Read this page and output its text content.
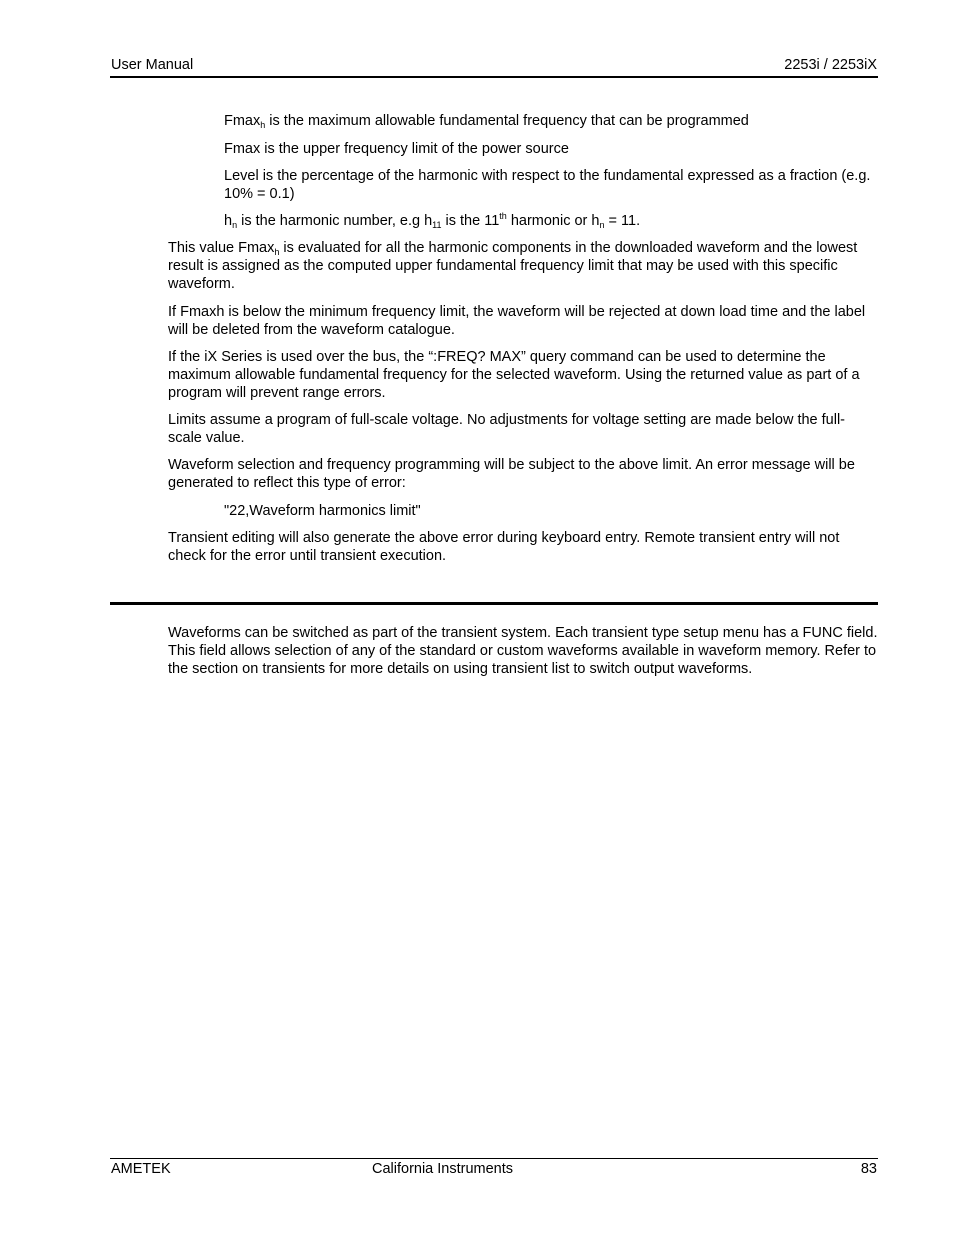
User Manual	2253i / 2253iX

Fmax$_h$ is the maximum allowable fundamental frequency that can be programmed

Fmax is the upper frequency limit of the power source

Level is the percentage of the harmonic with respect to the fundamental expressed as a fraction (e.g. 10% = 0.1)

$h_n$ is the harmonic number, e.g $h_{11}$ is the 11th harmonic or $h_n = 11$.

This value Fmax$_h$ is evaluated for all the harmonic components in the downloaded waveform and the lowest result is assigned as the computed upper fundamental frequency limit that may be used with this specific waveform.

If Fmaxh is below the minimum frequency limit, the waveform will be rejected at down load time and the label will be deleted from the waveform catalogue.

If the iX Series is used over the bus, the “:FREQ? MAX” query command can be used to determine the maximum allowable fundamental frequency for the selected waveform. Using the returned value as part of a program will prevent range errors.

Limits assume a program of full-scale voltage. No adjustments for voltage setting are made below the full-scale value.

Waveform selection and frequency programming will be subject to the above limit. An error message will be generated to reflect this type of error:

"22,Waveform harmonics limit"

Transient editing will also generate the above error during keyboard entry. Remote transient entry will not check for the error until transient execution.

Waveforms can be switched as part of the transient system. Each transient type setup menu has a FUNC field. This field allows selection of any of the standard or custom waveforms available in waveform memory. Refer to the section on transients for more details on using transient list to switch output waveforms.

AMETEK	California Instruments	83
